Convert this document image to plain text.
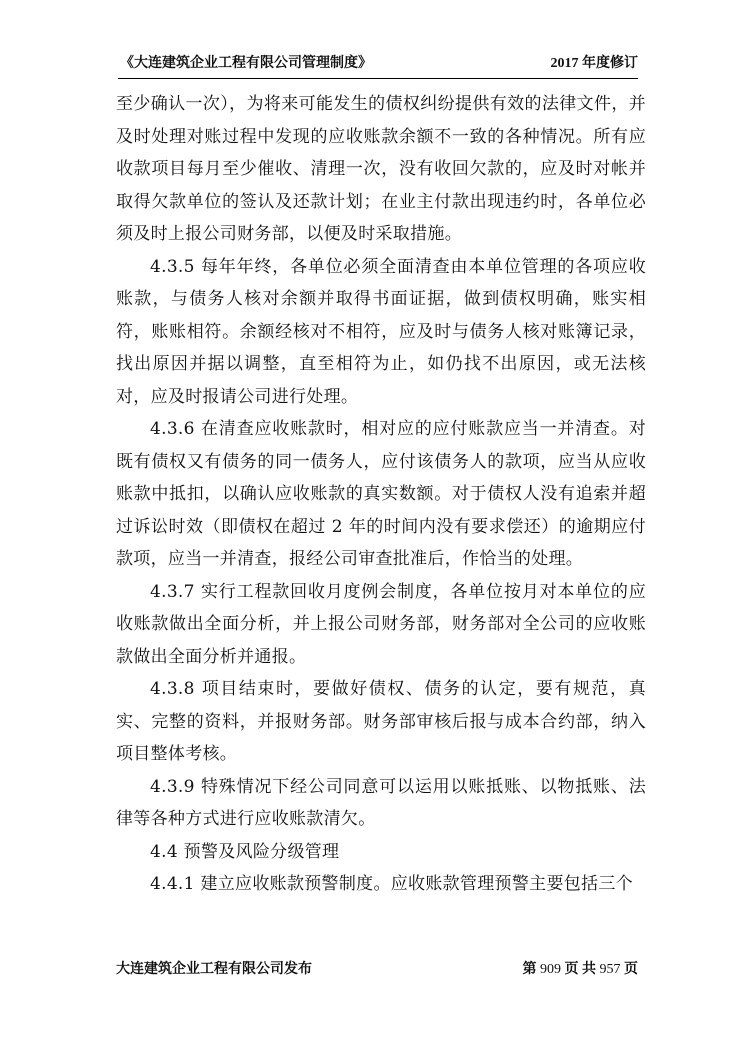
《大连建筑企业工程有限公司管理制度》	2017 年度修订

至少确认一次），为将来可能发生的债权纠纷提供有效的法律文件，并及时处理对账过程中发现的应收账款余额不一致的各种情况。所有应收款项目每月至少催收、清理一次，没有收回欠款的，应及时对帐并取得欠款单位的签认及还款计划；在业主付款出现违约时，各单位必须及时上报公司财务部，以便及时采取措施。

4.3.5 每年年终，各单位必须全面清查由本单位管理的各项应收账款，与债务人核对余额并取得书面证据，做到债权明确，账实相符，账账相符。余额经核对不相符，应及时与债务人核对账簿记录，找出原因并据以调整，直至相符为止，如仍找不出原因，或无法核对，应及时报请公司进行处理。

4.3.6 在清查应收账款时，相对应的应付账款应当一并清查。对既有债权又有债务的同一债务人，应付该债务人的款项，应当从应收账款中抵扣，以确认应收账款的真实数额。对于债权人没有追索并超过诉讼时效（即债权在超过 2 年的时间内没有要求偿还）的逾期应付款项，应当一并清查，报经公司审查批准后，作恰当的处理。

4.3.7 实行工程款回收月度例会制度，各单位按月对本单位的应收账款做出全面分析，并上报公司财务部，财务部对全公司的应收账款做出全面分析并通报。

4.3.8 项目结束时，要做好债权、债务的认定，要有规范，真实、完整的资料，并报财务部。财务部审核后报与成本合约部，纳入项目整体考核。

4.3.9 特殊情况下经公司同意可以运用以账抵账、以物抵账、法律等各种方式进行应收账款清欠。

4.4 预警及风险分级管理

4.4.1 建立应收账款预警制度。应收账款管理预警主要包括三个

大连建筑企业工程有限公司发布	第 909 页 共 957 页
